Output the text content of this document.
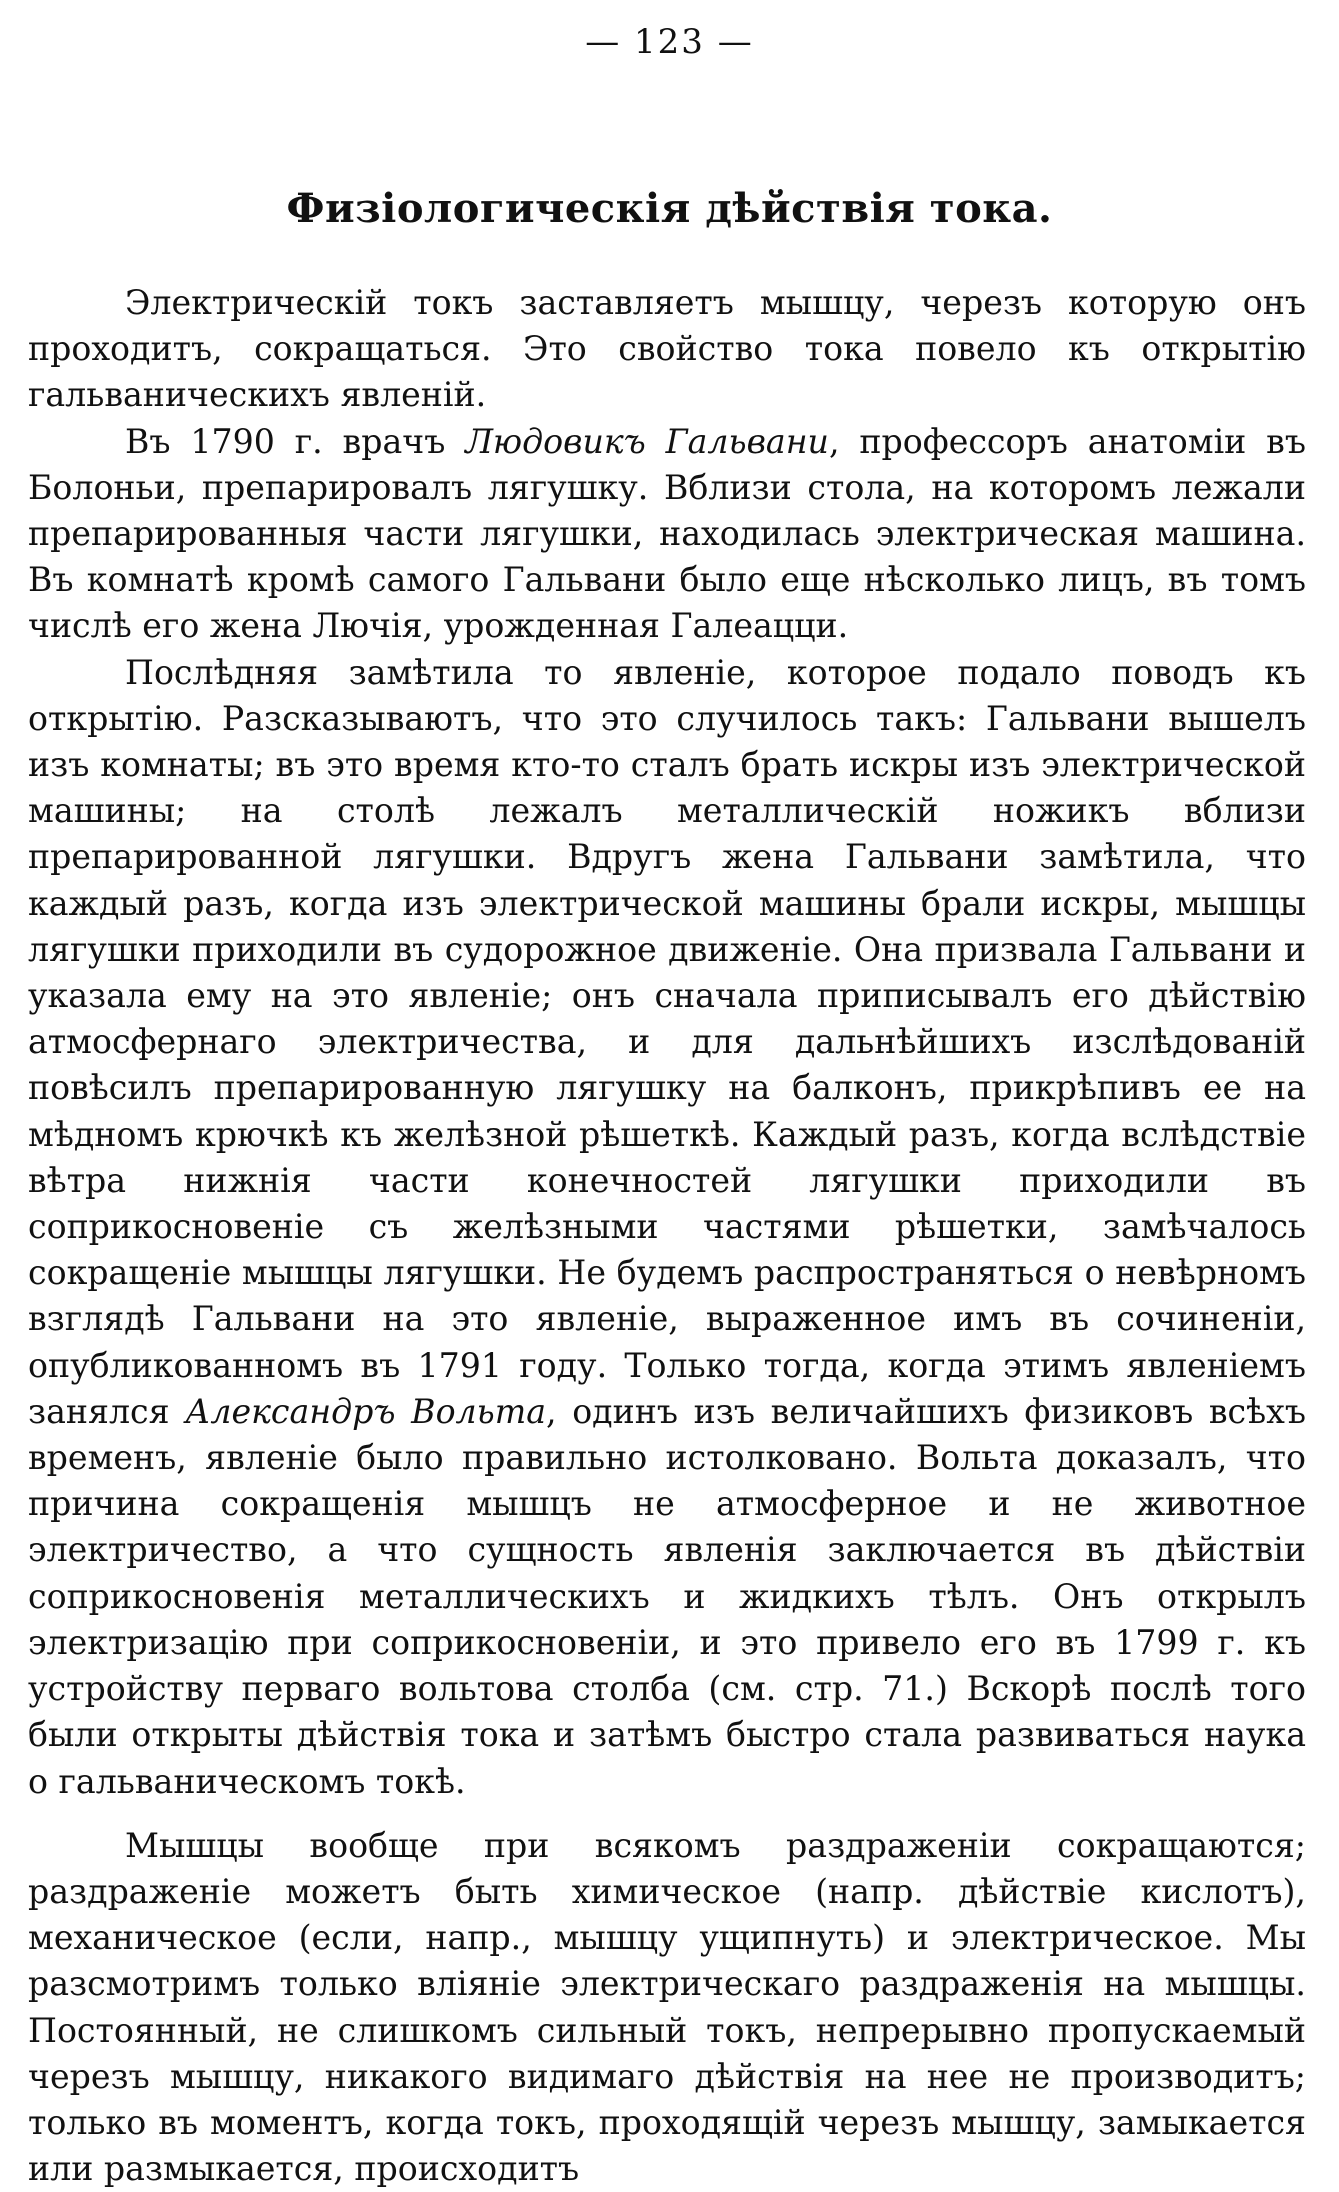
— 123 —
Физiологическiя дѣйствiя тока.

Электрическiй токъ заставляетъ мышцу, черезъ которую онъ проходитъ, сокращаться. Это свойство тока повело къ открытiю гальваническихъ явленiй.

Въ 1790 г. врачъ Людовикъ Гальвани, профессоръ анатомiи въ Болоньи, препарировалъ лягушку. Вблизи стола, на которомъ лежали препарированныя части лягушки, находилась электрическая машина. Въ комнатѣ кромѣ самого Гальвани было еще нѣсколько лицъ, въ томъ числѣ его жена Лючiя, урожденная Галеацци.

Послѣдняя замѣтила то явленiе, которое подало поводъ къ открытiю. Разсказываютъ, что это случилось такъ: Гальвани вышелъ изъ комнаты; въ это время кто-то сталъ брать искры изъ электрической машины; на столѣ лежалъ металлическiй ножикъ вблизи препарированной лягушки. Вдругъ жена Гальвани замѣтила, что каждый разъ, когда изъ электрической машины брали искры, мышцы лягушки приходили въ судорожное движенiе. Она призвала Гальвани и указала ему на это явленiе; онъ сначала приписывалъ его дѣйствiю атмосфернаго электричества, и для дальнѣйшихъ изслѣдованiй повѣсилъ препарированную лягушку на балконъ, прикрѣпивъ ее на мѣдномъ крючкѣ къ желѣзной рѣшеткѣ. Каждый разъ, когда вслѣдствiе вѣтра нижнiя части конечностей лягушки приходили въ соприкосновенiе съ желѣзными частями рѣшетки, замѣчалось сокращенiе мышцы лягушки. Не будемъ распространяться о невѣрномъ взглядѣ Гальвани на это явленiе, выраженное имъ въ сочиненiи, опубликованномъ въ 1791 году. Только тогда, когда этимъ явленiемъ занялся Александръ Вольта, одинъ изъ величайшихъ физиковъ всѣхъ временъ, явленiе было правильно истолковано. Вольта доказалъ, что причина сокращенiя мышцъ не атмосферное и не животное электричество, а что сущность явленiя заключается въ дѣйствiи соприкосновенiя металлическихъ и жидкихъ тѣлъ. Онъ открылъ электризацiю при соприкосновенiи, и это привело его въ 1799 г. къ устройству перваго вольтова столба (см. стр. 71.) Вскорѣ послѣ того были открыты дѣйствiя тока и затѣмъ быстро стала развиваться наука о гальваническомъ токѣ.

Мышцы вообще при всякомъ раздраженiи сокращаются; раздраженiе можетъ быть химическое (напр. дѣйствiе кислотъ), механическое (если, напр., мышцу ущипнуть) и электрическое. Мы разсмотримъ только влiянiе электрическаго раздраженiя на мышцы. Постоянный, не слишкомъ сильный токъ, непрерывно пропускаемый черезъ мышцу, никакого видимаго дѣйствiя на нее не производитъ; только въ моментъ, когда токъ, проходящiй черезъ мышцу, замыкается или размыкается, происходитъ
